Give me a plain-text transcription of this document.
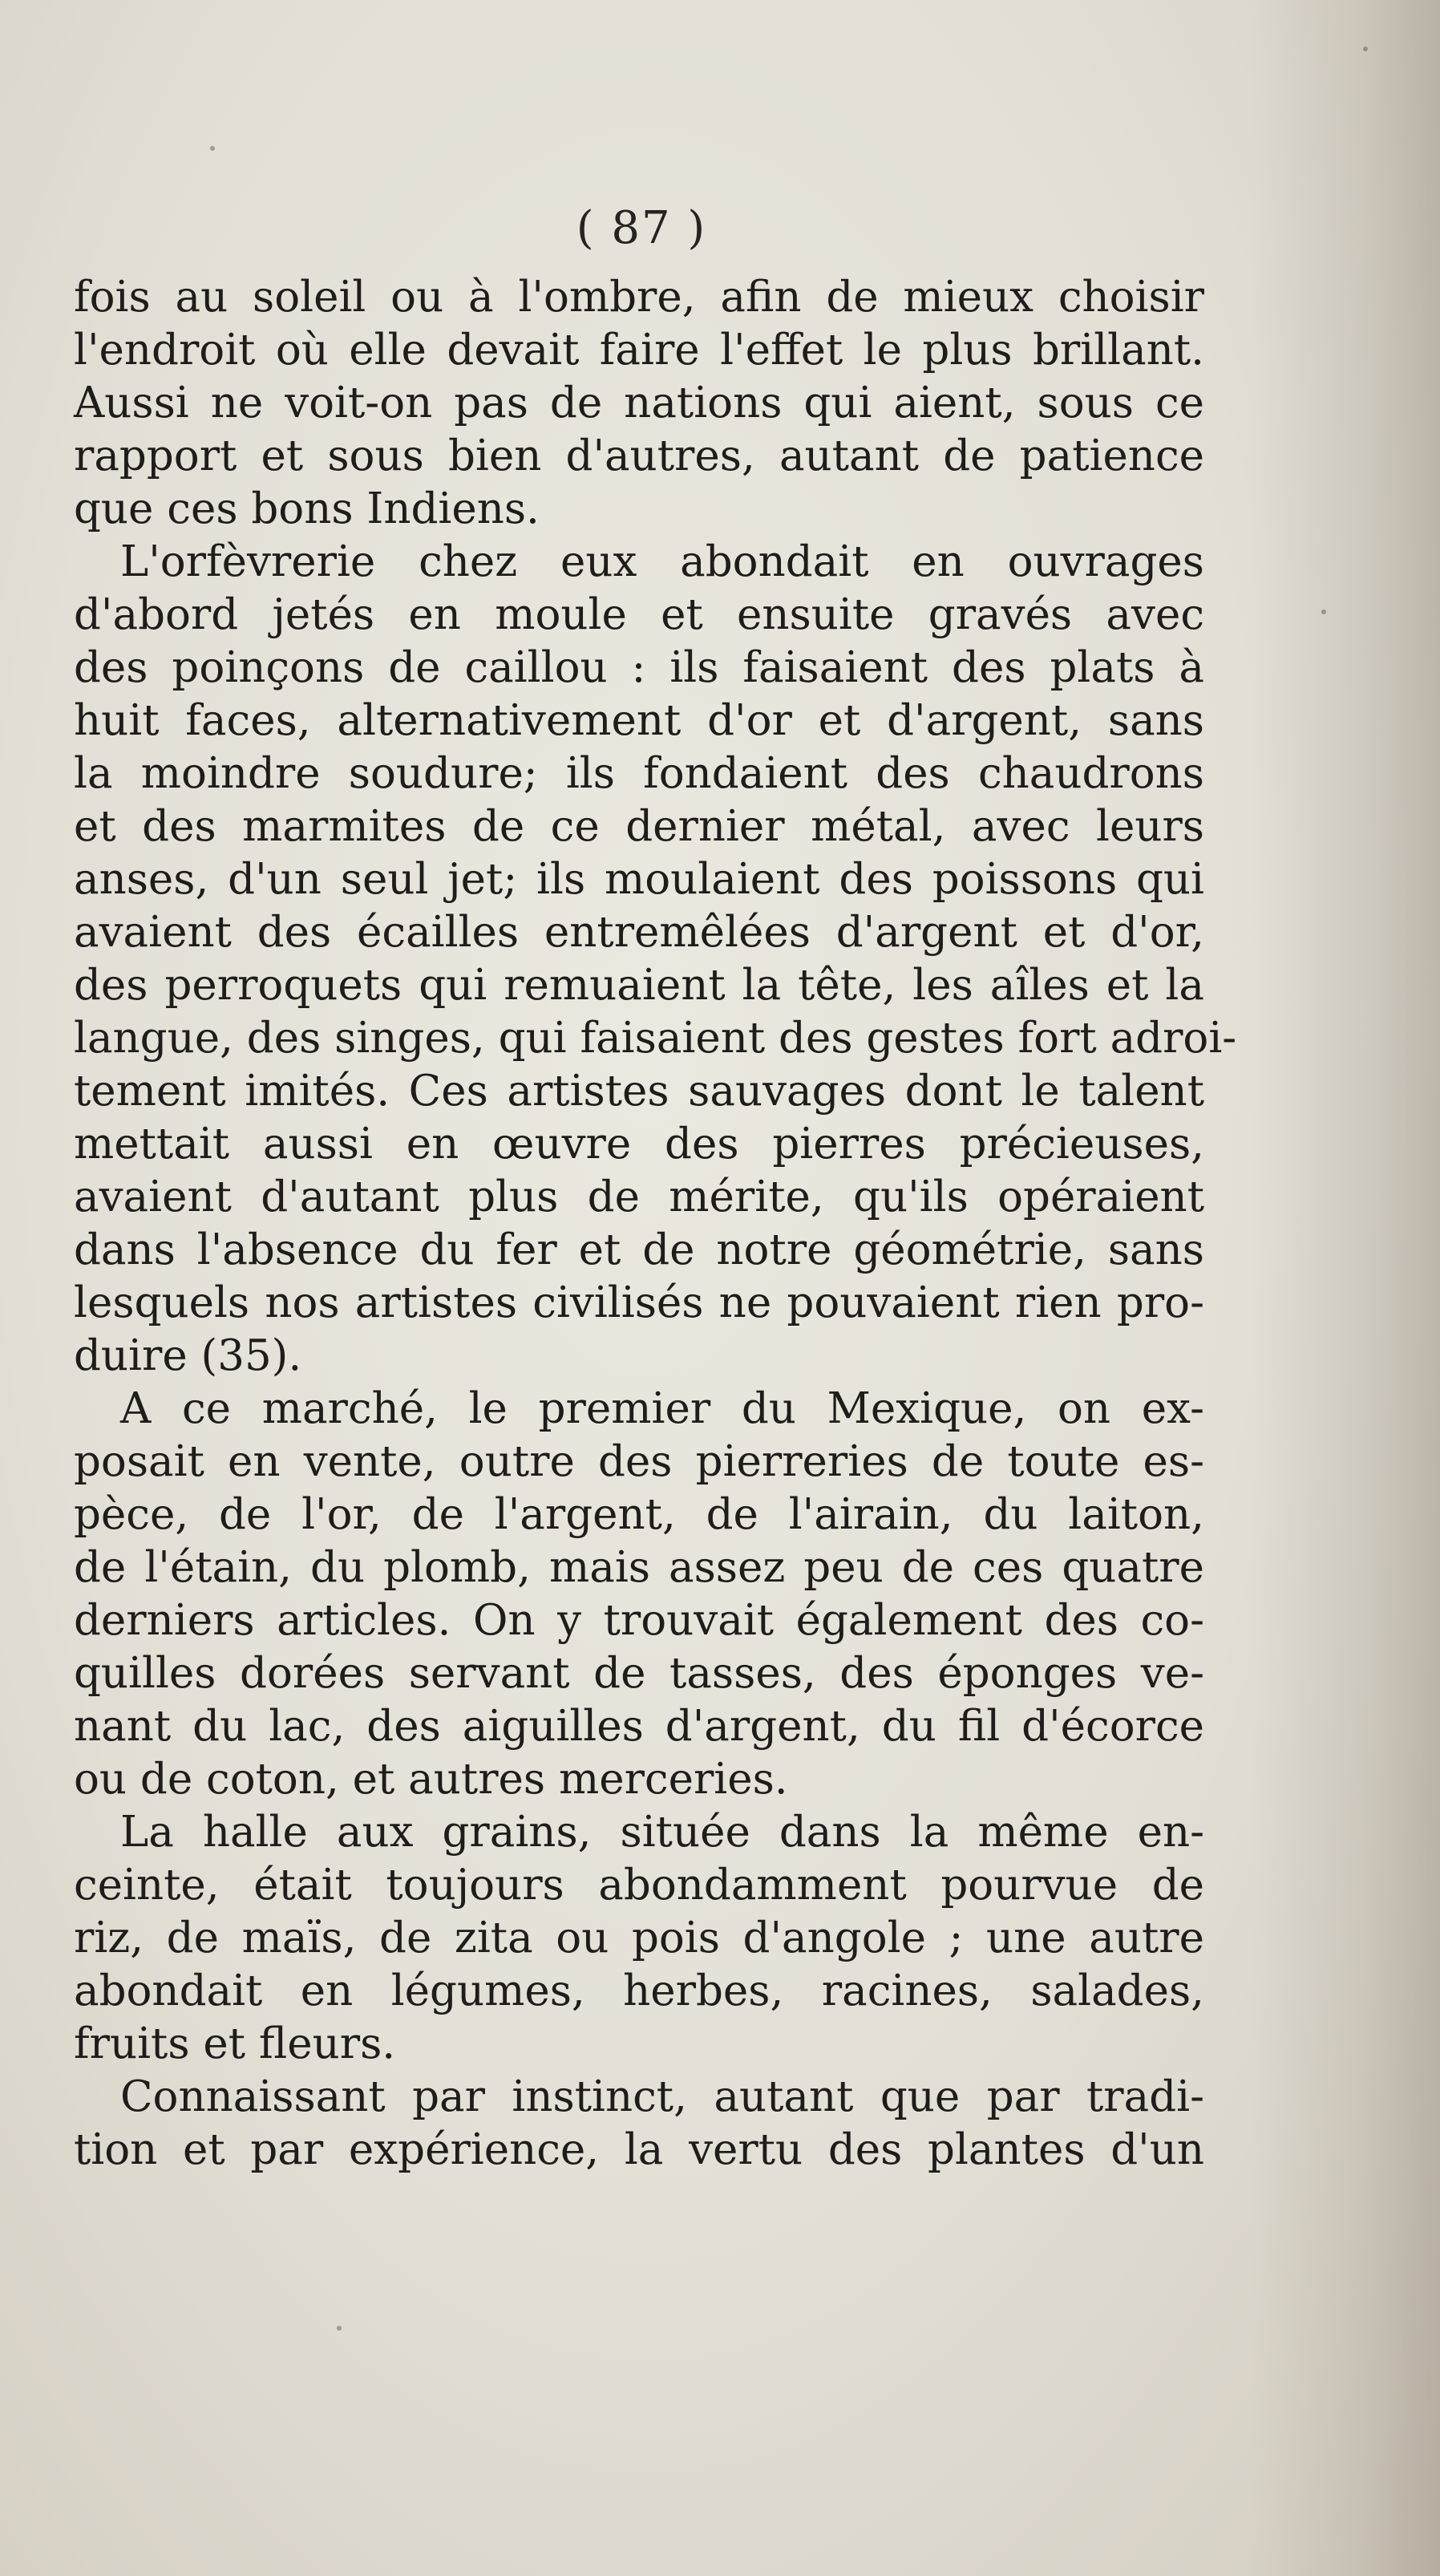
( 87 )
fois au soleil ou à l'ombre, afin de mieux choisir
l'endroit où elle devait faire l'effet le plus brillant.
Aussi ne voit-on pas de nations qui aient, sous ce
rapport et sous bien d'autres, autant de patience
que ces bons Indiens.
L'orfèvrerie chez eux abondait en ouvrages
d'abord jetés en moule et ensuite gravés avec
des poinçons de caillou : ils faisaient des plats à
huit faces, alternativement d'or et d'argent, sans
la moindre soudure; ils fondaient des chaudrons
et des marmites de ce dernier métal, avec leurs
anses, d'un seul jet; ils moulaient des poissons qui
avaient des écailles entremêlées d'argent et d'or,
des perroquets qui remuaient la tête, les aîles et la
langue, des singes, qui faisaient des gestes fort adroi-
tement imités. Ces artistes sauvages dont le talent
mettait aussi en œuvre des pierres précieuses,
avaient d'autant plus de mérite, qu'ils opéraient
dans l'absence du fer et de notre géométrie, sans
lesquels nos artistes civilisés ne pouvaient rien pro-
duire (35).
A ce marché, le premier du Mexique, on ex-
posait en vente, outre des pierreries de toute es-
pèce, de l'or, de l'argent, de l'airain, du laiton,
de l'étain, du plomb, mais assez peu de ces quatre
derniers articles. On y trouvait également des co-
quilles dorées servant de tasses, des éponges ve-
nant du lac, des aiguilles d'argent, du fil d'écorce
ou de coton, et autres merceries.
La halle aux grains, située dans la même en-
ceinte, était toujours abondamment pourvue de
riz, de maïs, de zita ou pois d'angole ; une autre
abondait en légumes, herbes, racines, salades,
fruits et fleurs.
Connaissant par instinct, autant que par tradi-
tion et par expérience, la vertu des plantes d'un
